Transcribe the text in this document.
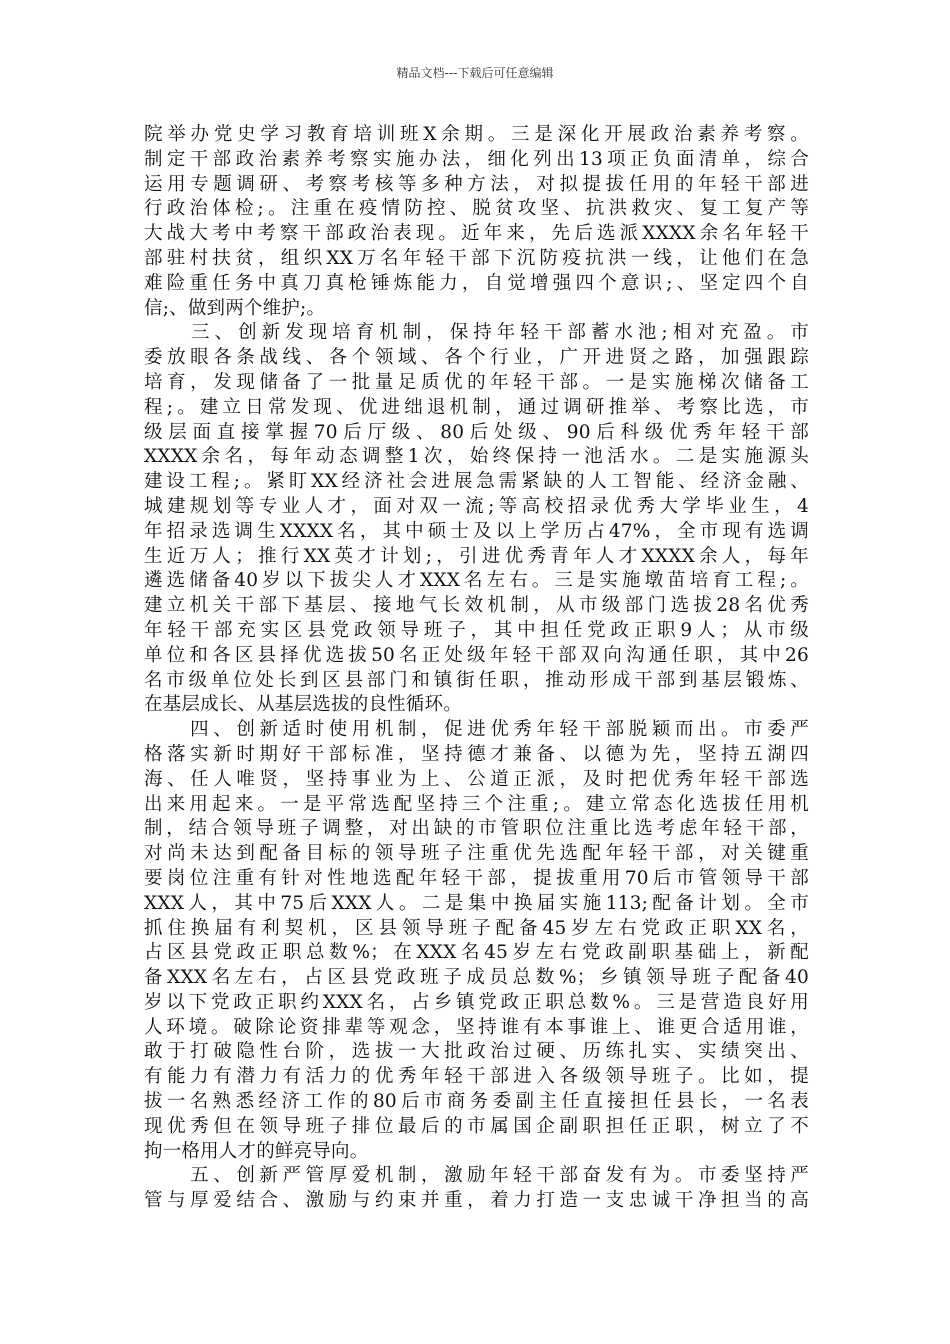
精品文档---下载后可任意编辑
院举办党史学习教育培训班X余期。三是深化开展政治素养考察。
制定干部政治素养考察实施办法，细化列出13项正负面清单，综合
运用专题调研、考察考核等多种方法，对拟提拔任用的年轻干部进
行政治体检;。注重在疫情防控、脱贫攻坚、抗洪救灾、复工复产等
大战大考中考察干部政治表现。近年来，先后选派XXXX余名年轻干
部驻村扶贫，组织XX万名年轻干部下沉防疫抗洪一线，让他们在急
难险重任务中真刀真枪锤炼能力，自觉增强四个意识;、坚定四个自
信;、做到两个维护;。
　　三、创新发现培育机制，保持年轻干部蓄水池;相对充盈。市
委放眼各条战线、各个领域、各个行业，广开进贤之路，加强跟踪
培育，发现储备了一批量足质优的年轻干部。一是实施梯次储备工
程;。建立日常发现、优进绌退机制，通过调研推举、考察比选，市
级层面直接掌握70后厅级、80后处级、90后科级优秀年轻干部
XXXX余名，每年动态调整1次，始终保持一池活水。二是实施源头
建设工程;。紧盯XX经济社会进展急需紧缺的人工智能、经济金融、
城建规划等专业人才，面对双一流;等高校招录优秀大学毕业生，4
年招录选调生XXXX名，其中硕士及以上学历占47%，全市现有选调
生近万人；推行XX英才计划;，引进优秀青年人才XXXX余人，每年
遴选储备40岁以下拔尖人才XXX名左右。三是实施墩苗培育工程;。
建立机关干部下基层、接地气长效机制，从市级部门选拔28名优秀
年轻干部充实区县党政领导班子，其中担任党政正职9人；从市级
单位和各区县择优选拔50名正处级年轻干部双向沟通任职，其中26
名市级单位处长到区县部门和镇街任职，推动形成干部到基层锻炼、
在基层成长、从基层选拔的良性循环。
　　四、创新适时使用机制，促进优秀年轻干部脱颖而出。市委严
格落实新时期好干部标准，坚持德才兼备、以德为先，坚持五湖四
海、任人唯贤，坚持事业为上、公道正派，及时把优秀年轻干部选
出来用起来。一是平常选配坚持三个注重;。建立常态化选拔任用机
制，结合领导班子调整，对出缺的市管职位注重比选考虑年轻干部，
对尚未达到配备目标的领导班子注重优先选配年轻干部，对关键重
要岗位注重有针对性地选配年轻干部，提拔重用70后市管领导干部
XXX人，其中75后XXX人。二是集中换届实施113;配备计划。全市
抓住换届有利契机，区县领导班子配备45岁左右党政正职XX名，
占区县党政正职总数%；在XXX名45岁左右党政副职基础上，新配
备XXX名左右，占区县党政班子成员总数%；乡镇领导班子配备40
岁以下党政正职约XXX名，占乡镇党政正职总数%。三是营造良好用
人环境。破除论资排辈等观念，坚持谁有本事谁上、谁更合适用谁，
敢于打破隐性台阶，选拔一大批政治过硬、历练扎实、实绩突出、
有能力有潜力有活力的优秀年轻干部进入各级领导班子。比如，提
拔一名熟悉经济工作的80后市商务委副主任直接担任县长，一名表
现优秀但在领导班子排位最后的市属国企副职担任正职，树立了不
拘一格用人才的鲜亮导向。
　　五、创新严管厚爱机制，激励年轻干部奋发有为。市委坚持严
管与厚爱结合、激励与约束并重，着力打造一支忠诚干净担当的高
